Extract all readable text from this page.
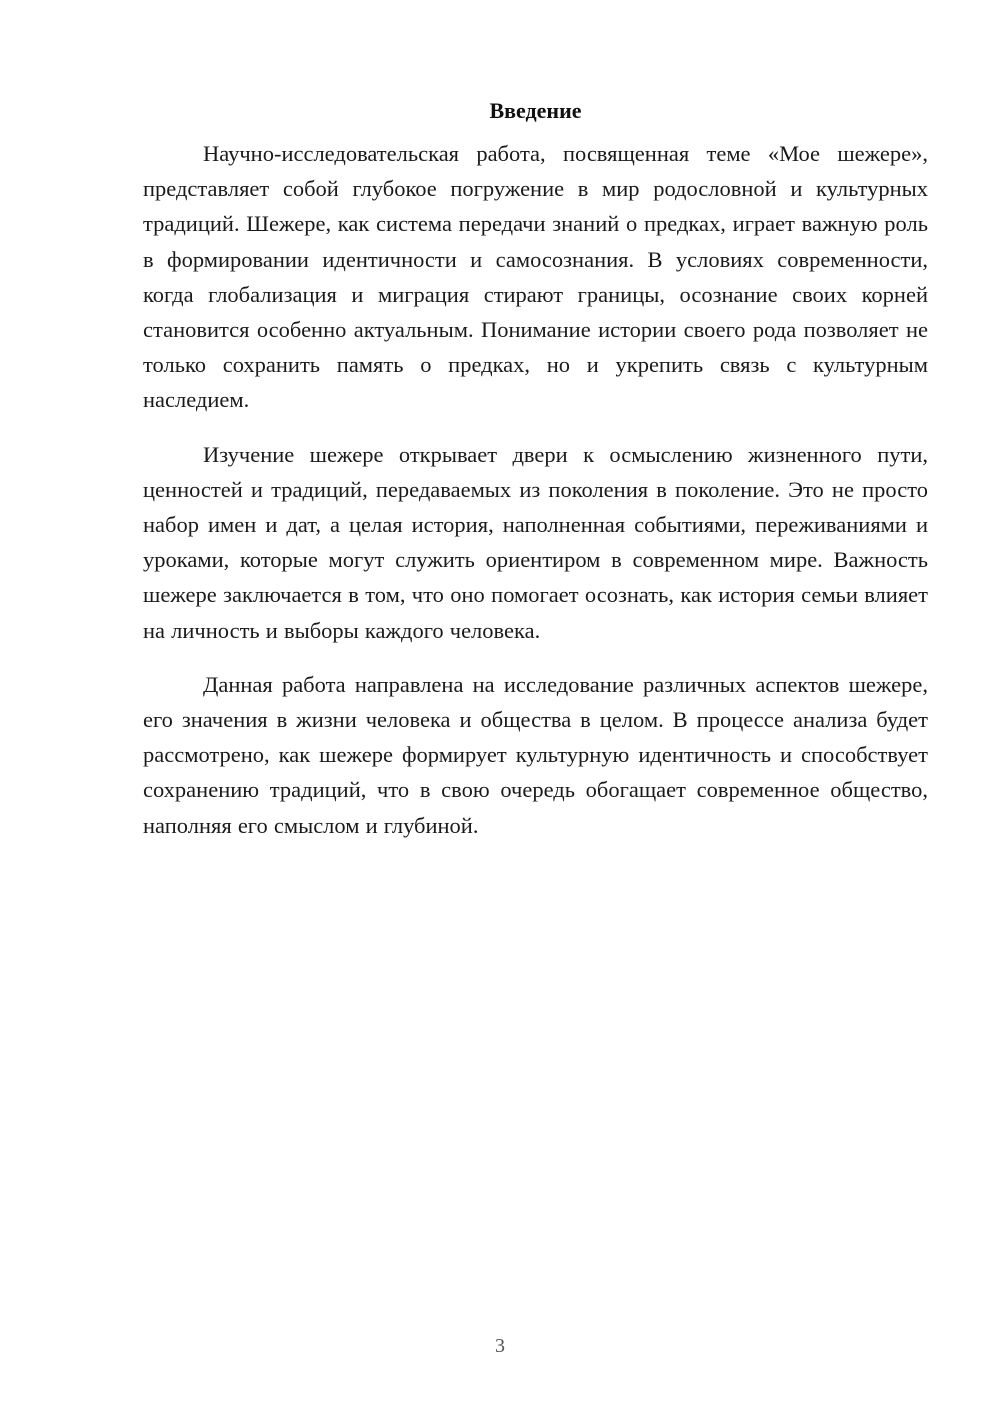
Введение

Научно-исследовательская работа, посвященная теме «Мое шежере», представляет собой глубокое погружение в мир родословной и культурных традиций. Шежере, как система передачи знаний о предках, играет важную роль в формировании идентичности и самосознания. В условиях современности, когда глобализация и миграция стирают границы, осознание своих корней становится особенно актуальным. Понимание истории своего рода позволяет не только сохранить память о предках, но и укрепить связь с культурным наследием.

Изучение шежере открывает двери к осмыслению жизненного пути, ценностей и традиций, передаваемых из поколения в поколение. Это не просто набор имен и дат, а целая история, наполненная событиями, переживаниями и уроками, которые могут служить ориентиром в современном мире. Важность шежере заключается в том, что оно помогает осознать, как история семьи влияет на личность и выборы каждого человека.

Данная работа направлена на исследование различных аспектов шежере, его значения в жизни человека и общества в целом. В процессе анализа будет рассмотрено, как шежере формирует культурную идентичность и способствует сохранению традиций, что в свою очередь обогащает современное общество, наполняя его смыслом и глубиной.

3
